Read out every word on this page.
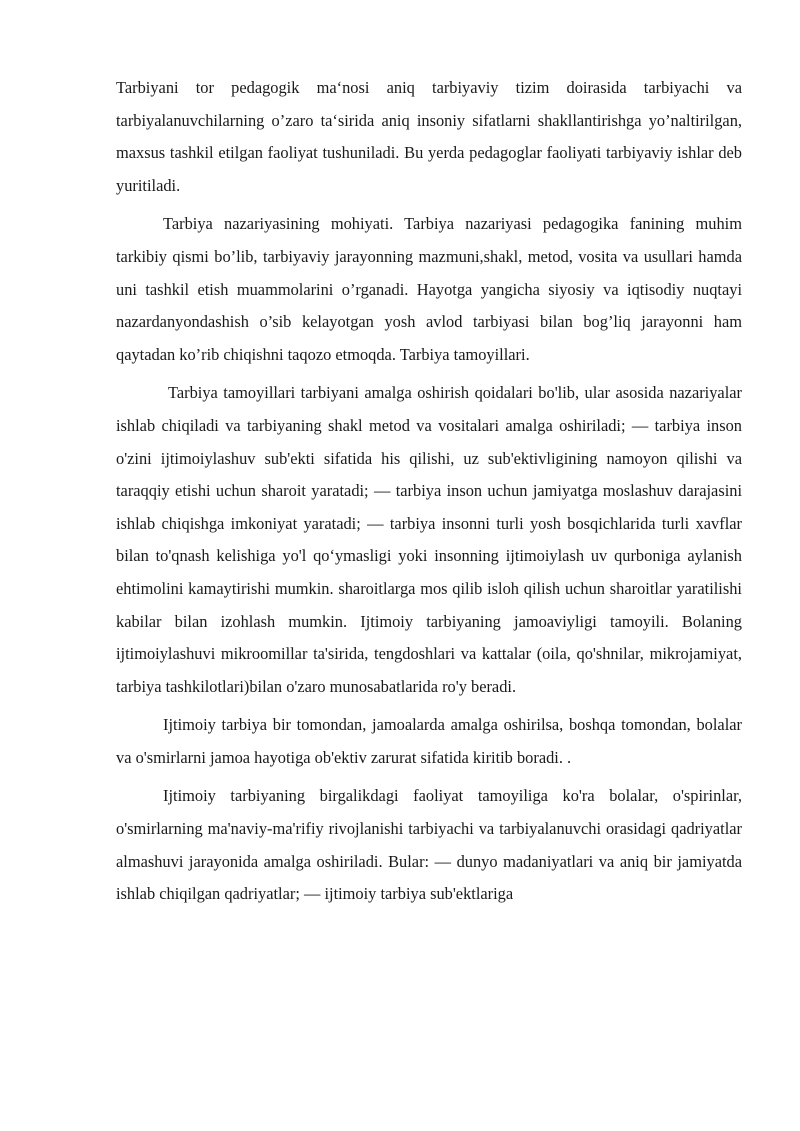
Tarbiyani tor pedagogik ma‘nosi aniq tarbiyaviy tizim doirasida tarbiyachi va tarbiyalanuvchilarning o’zaro ta‘sirida aniq insoniy sifatlarni shakllantirishga yo’naltirilgan, maxsus tashkil etilgan faoliyat tushuniladi. Bu yerda pedagoglar faoliyati tarbiyaviy ishlar deb yuritiladi.

Tarbiya nazariyasining mohiyati. Tarbiya nazariyasi pedagogika fanining muhim tarkibiy qismi bo’lib, tarbiyaviy jarayonning mazmuni,shakl, metod, vosita va usullari hamda uni tashkil etish muammolarini o’rganadi. Hayotga yangicha siyosiy va iqtisodiy nuqtayi nazardanyondashish o’sib kelayotgan yosh avlod tarbiyasi bilan bog’liq jarayonni ham qaytadan ko’rib chiqishni taqozo etmoqda. Tarbiya tamoyillari.

Tarbiya tamoyillari tarbiyani amalga oshirish qoidalari bo'lib, ular asosida nazariyalar ishlab chiqiladi va tarbiyaning shakl metod va vositalari amalga oshiriladi; — tarbiya inson o'zini ijtimoiylashuv sub'ekti sifatida his qilishi, uz sub'ektivligining namoyon qilishi va taraqqiy etishi uchun sharoit yaratadi; — tarbiya inson uchun jamiyatga moslashuv darajasini ishlab chiqishga imkoniyat yaratadi; — tarbiya insonni turli yosh bosqichlarida turli xavflar bilan to'qnash kelishiga yo'l qo‘ymasligi yoki insonning ijtimoiylash uv qurboniga aylanish ehtimolini kamaytirishi mumkin. sharoitlarga mos qilib isloh qilish uchun sharoitlar yaratilishi kabilar bilan izohlash mumkin. Ijtimoiy tarbiyaning jamoaviyligi tamoyili. Bolaning ijtimoiylashuvi mikroomillar ta'sirida, tengdoshlari va kattalar (oila, qo'shnilar, mikrojamiyat, tarbiya tashkilotlari)bilan o'zaro munosabatlarida ro'y beradi.

Ijtimoiy tarbiya bir tomondan, jamoalarda amalga oshirilsa, boshqa tomondan, bolalar va o'smirlarni jamoa hayotiga ob'ektiv zarurat sifatida kiritib boradi. .

Ijtimoiy tarbiyaning birgalikdagi faoliyat tamoyiliga ko'ra bolalar, o'spirinlar, o'smirlarning ma'naviy-ma'rifiy rivojlanishi tarbiyachi va tarbiyalanuvchi orasidagi qadriyatlar almashuvi jarayonida amalga oshiriladi. Bular: — dunyo madaniyatlari va aniq bir jamiyatda ishlab chiqilgan qadriyatlar; — ijtimoiy tarbiya sub'ektlariga
